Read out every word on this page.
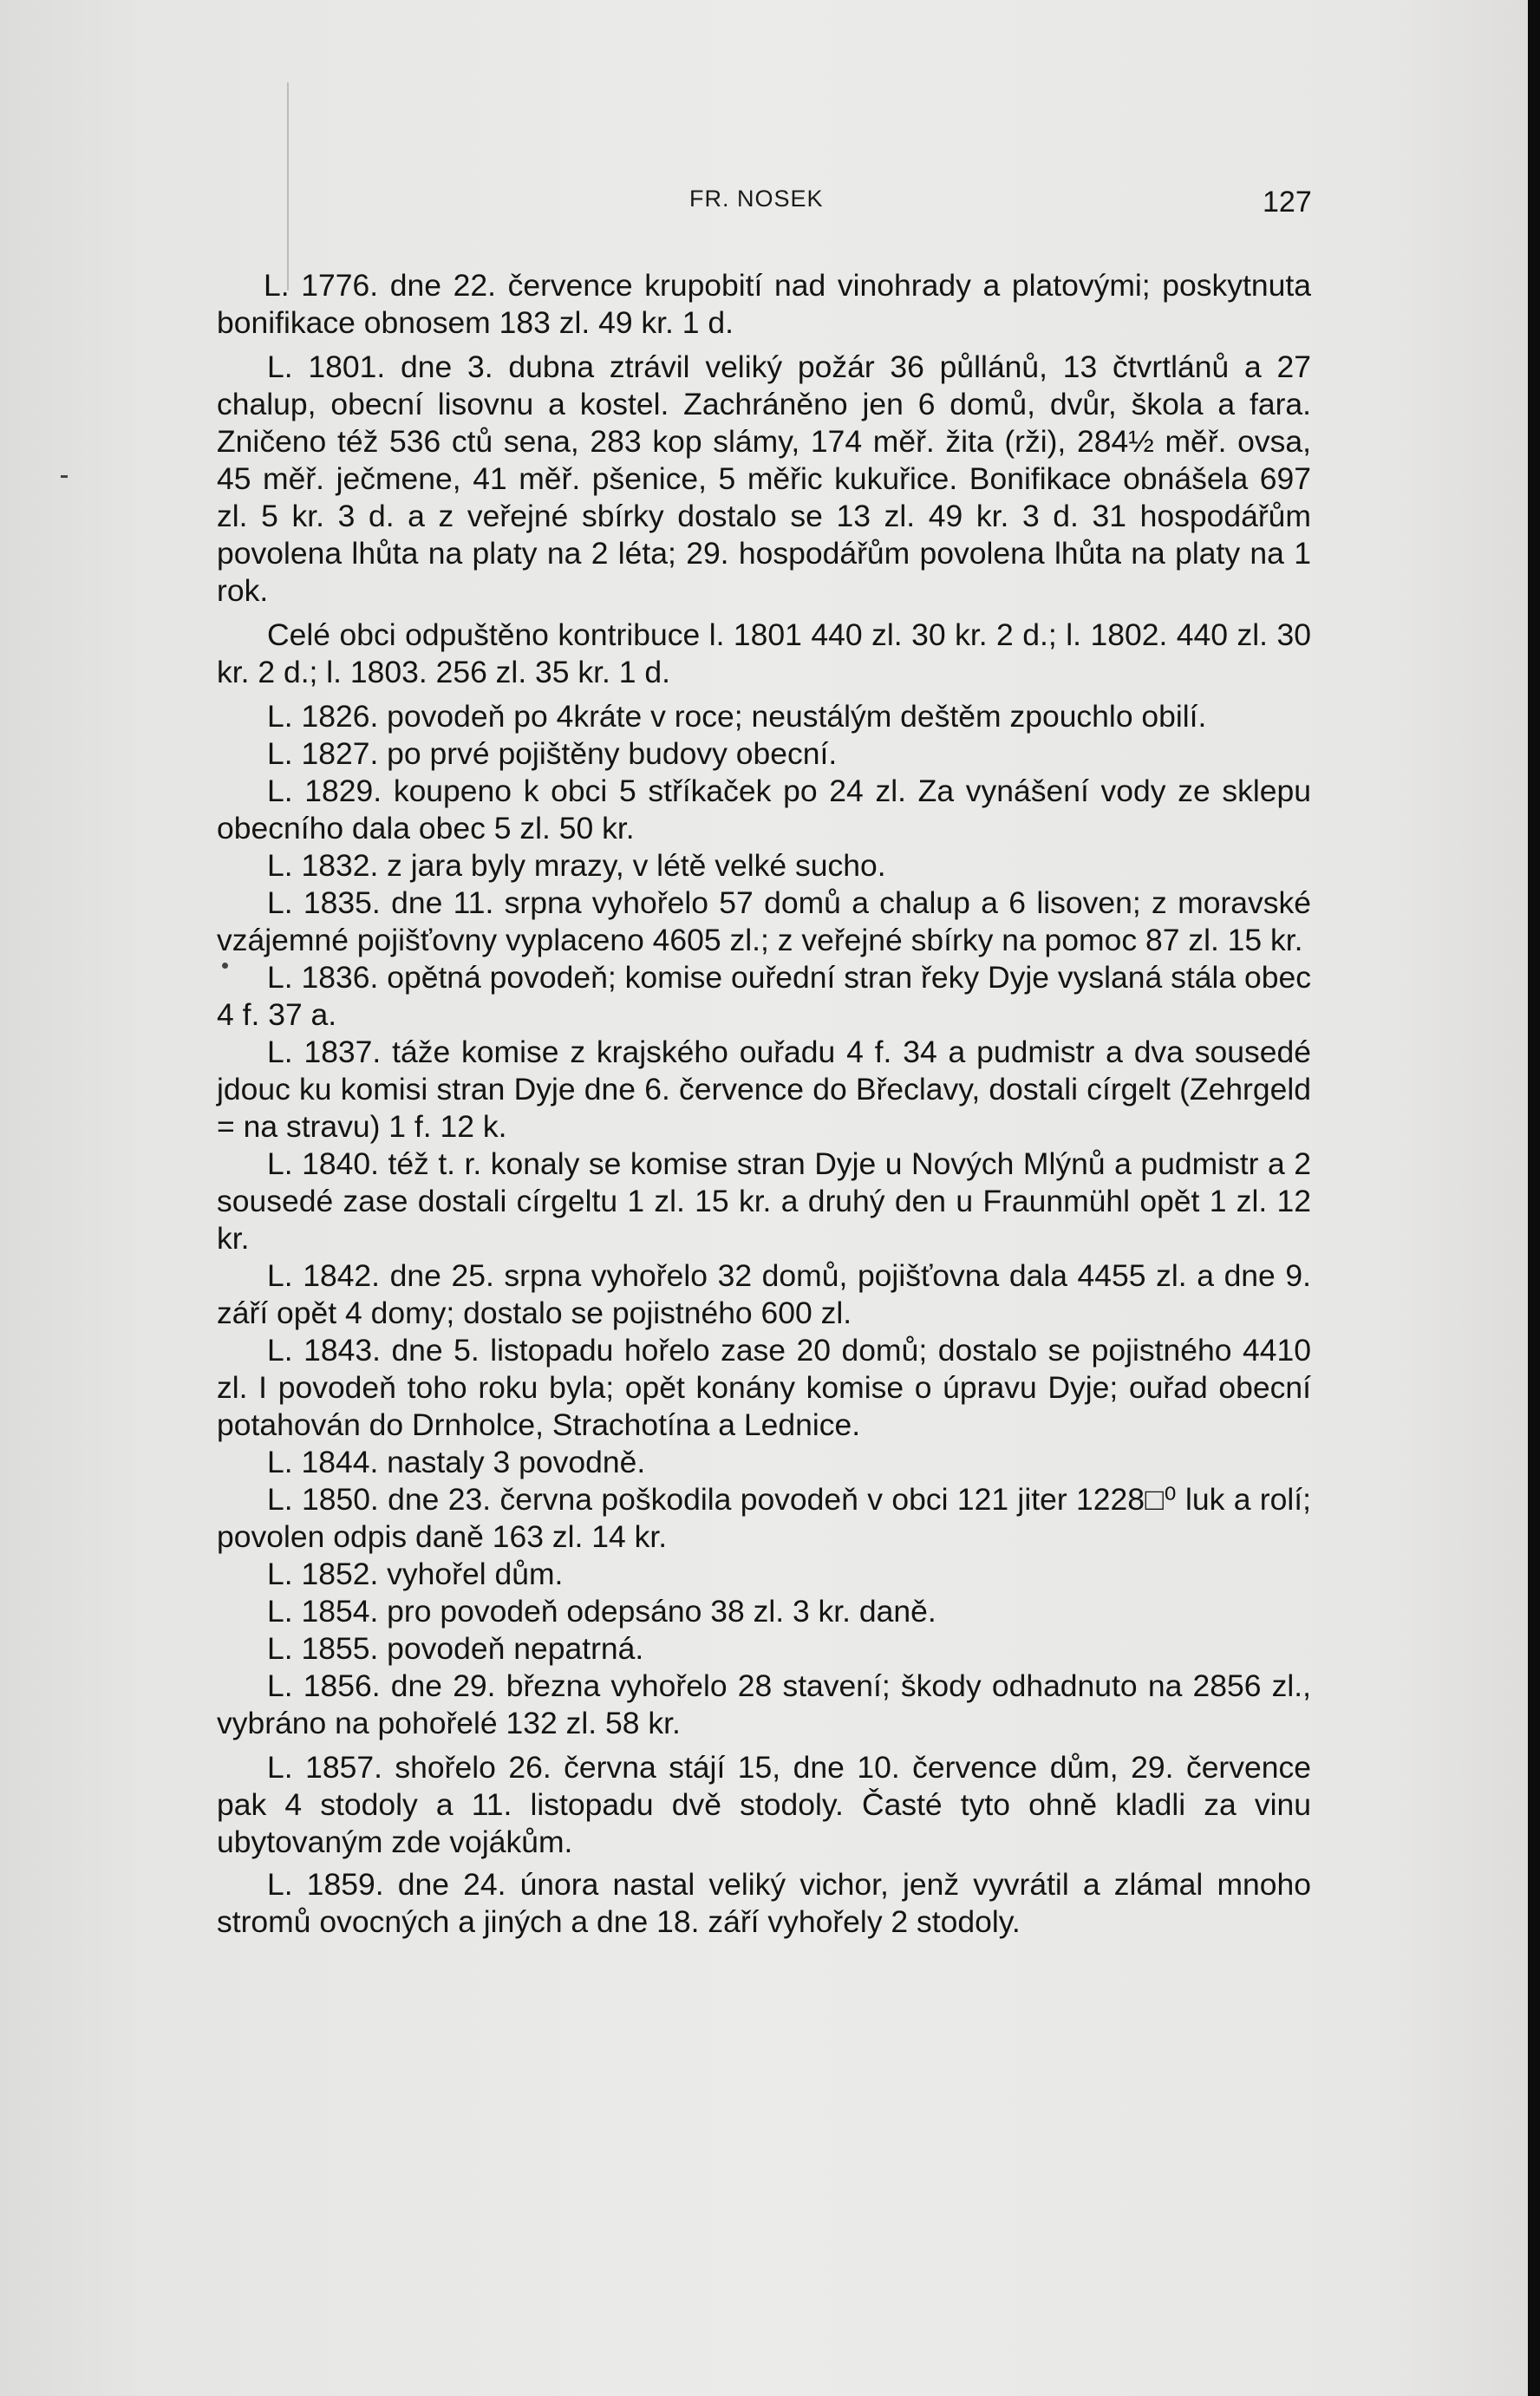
FR. NOSEK	127

L. 1776. dne 22. července krupobití nad vinohrady a platovými; poskytnuta bonifikace obnosem 183 zl. 49 kr. 1 d.

L. 1801. dne 3. dubna ztrávil veliký požár 36 půllánů, 13 čtvrtlánů a 27 chalup, obecní lisovnu a kostel. Zachráněno jen 6 domů, dvůr, škola a fara. Zničeno též 536 ctů sena, 283 kop slámy, 174 měř. žita (rži), 284½ měř. ovsa, 45 měř. ječmene, 41 měř. pšenice, 5 měřic kukuřice. Bonifikace obnášela 697 zl. 5 kr. 3 d. a z veřejné sbírky dostalo se 13 zl. 49 kr. 3 d. 31 hospodářům povolena lhůta na platy na 2 léta; 29. hospodářům povolena lhůta na platy na 1 rok.

Celé obci odpuštěno kontribuce l. 1801 440 zl. 30 kr. 2 d.; l. 1802. 440 zl. 30 kr. 2 d.; l. 1803. 256 zl. 35 kr. 1 d.

L. 1826. povodeň po 4kráte v roce; neustálým deštěm zpouchlo obilí.

L. 1827. po prvé pojištěny budovy obecní.

L. 1829. koupeno k obci 5 stříkaček po 24 zl. Za vynášení vody ze sklepu obecního dala obec 5 zl. 50 kr.

L. 1832. z jara byly mrazy, v létě velké sucho.

L. 1835. dne 11. srpna vyhořelo 57 domů a chalup a 6 lisoven; z moravské vzájemné pojišťovny vyplaceno 4605 zl.; z veřejné sbírky na pomoc 87 zl. 15 kr.

L. 1836. opětná povodeň; komise ouřední stran řeky Dyje vyslaná stála obec 4 f. 37 a.

L. 1837. táže komise z krajského ouřadu 4 f. 34 a pudmistr a dva sousedé jdouc ku komisi stran Dyje dne 6. července do Břeclavy, dostali círgelt (Zehrgeld = na stravu) 1 f. 12 k.

L. 1840. též t. r. konaly se komise stran Dyje u Nových Mlýnů a pudmistr a 2 sousedé zase dostali círgeltu 1 zl. 15 kr. a druhý den u Fraunmühl opět 1 zl. 12 kr.

L. 1842. dne 25. srpna vyhořelo 32 domů, pojišťovna dala 4455 zl. a dne 9. září opět 4 domy; dostalo se pojistného 600 zl.

L. 1843. dne 5. listopadu hořelo zase 20 domů; dostalo se pojistného 4410 zl. I povodeň toho roku byla; opět konány komise o úpravu Dyje; ouřad obecní potahován do Drnholce, Strachotína a Lednice.

L. 1844. nastaly 3 povodně.

L. 1850. dne 23. června poškodila povodeň v obci 121 jiter 1228□⁰ luk a rolí; povolen odpis daně 163 zl. 14 kr.

L. 1852. vyhořel dům.

L. 1854. pro povodeň odepsáno 38 zl. 3 kr. daně.

L. 1855. povodeň nepatrná.

L. 1856. dne 29. března vyhořelo 28 stavení; škody odhadnuto na 2856 zl., vybráno na pohořelé 132 zl. 58 kr.

L. 1857. shořelo 26. června stájí 15, dne 10. července dům, 29. července pak 4 stodoly a 11. listopadu dvě stodoly. Časté tyto ohně kladli za vinu ubytovaným zde vojákům.

L. 1859. dne 24. února nastal veliký vichor, jenž vyvrátil a zlámal mnoho stromů ovocných a jiných a dne 18. září vyhořely 2 stodoly.
